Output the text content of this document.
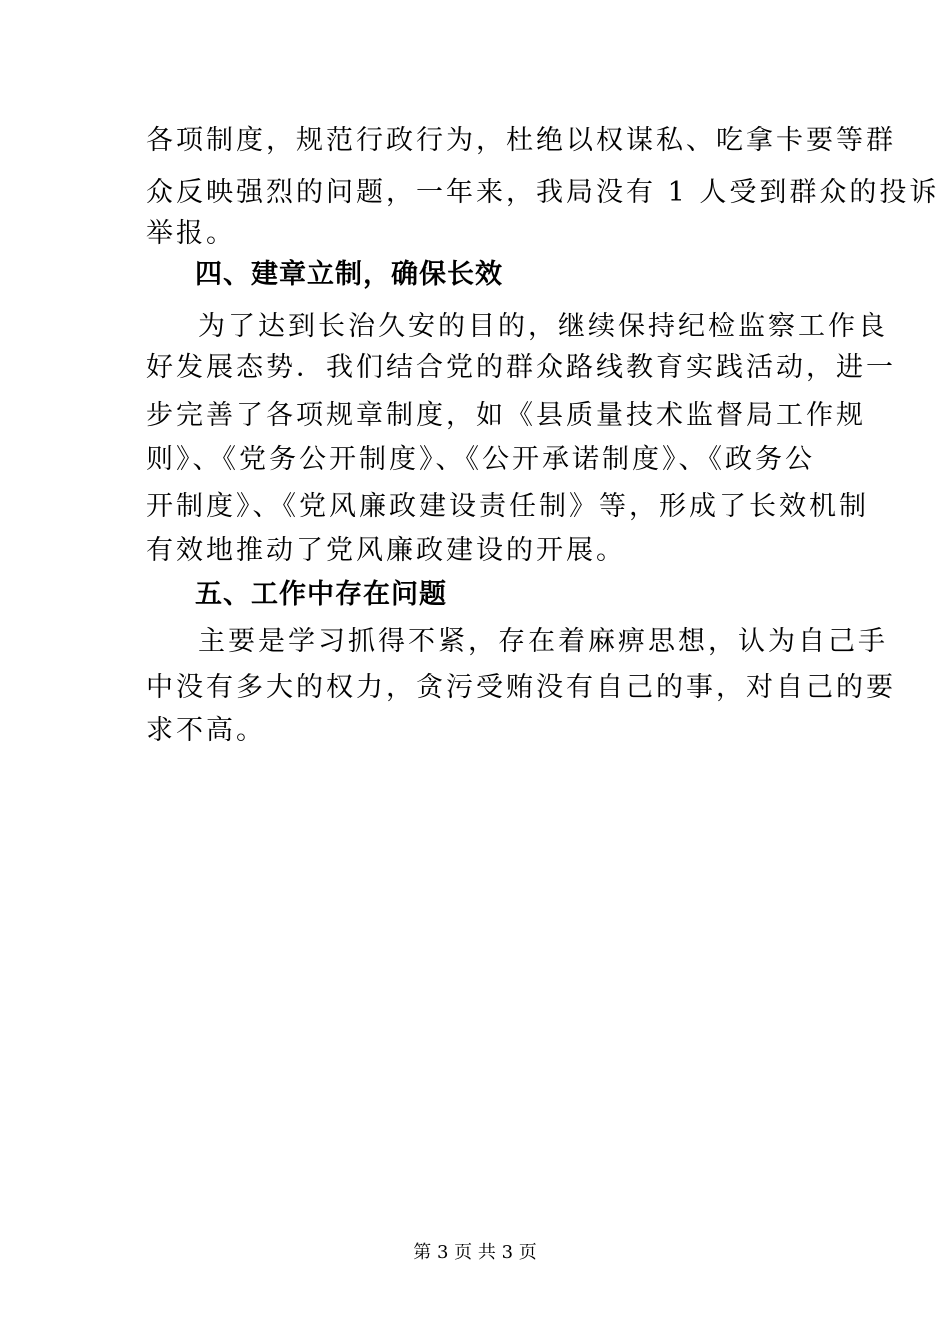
各项制度，规范行政行为，杜绝以权谋私、吃拿卡要等群
众反映强烈的问题，一年来，我局没有 1 人受到群众的投诉
举报。
四、建章立制，确保长效
为了达到长治久安的目的，继续保持纪检监察工作良
好发展态势．我们结合党的群众路线教育实践活动，进一
步完善了各项规章制度，如《县质量技术监督局工作规
则》、《党务公开制度》、《公开承诺制度》、《政务公
开制度》、《党风廉政建设责任制》等，形成了长效机制
有效地推动了党风廉政建设的开展。
五、工作中存在问题
主要是学习抓得不紧，存在着麻痹思想，认为自己手
中没有多大的权力，贪污受贿没有自己的事，对自己的要
求不高。
第 3 页 共 3 页
